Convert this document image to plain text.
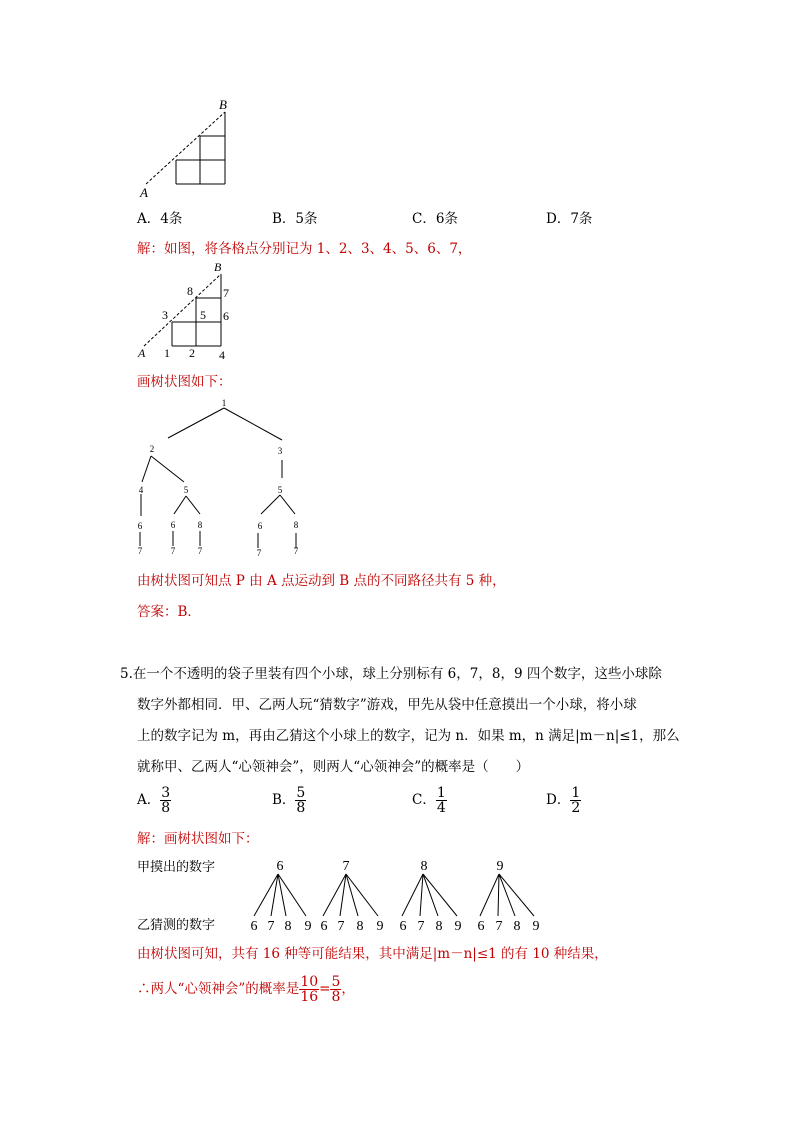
A
B
A．4条	B．5条	C．6条	D．7条
解：如图，将各格点分别记为 1、2、3、4、5、6、7，
A
B
1 2
3
4
5 6
7
8
画树状图如下：
1
2	3
4	5	5
6	6	8	6	8
7	7	7	7	7
由树状图可知点 P 由 A 点运动到 B 点的不同路径共有 5 种，
答案：B．
5.在一个不透明的袋子里装有四个小球，球上分别标有 6，7，8，9 四个数字，这些小球除
数字外都相同．甲、乙两人玩“猜数字”游戏，甲先从袋中任意摸出一个小球，将小球
上的数字记为 m，再由乙猜这个小球上的数字，记为 n．如果 m，n 满足|m－n|≤1，那么
就称甲、乙两人“心领神会”，则两人“心领神会”的概率是（　　）
A． $\frac{3}{8}$	B． $\frac{5}{8}$	C． $\frac{1}{4}$	D． $\frac{1}{2}$
解：画树状图如下：
甲摸出的数字
乙猜测的数字
6	7	8	9
6 7 8 9 6 7 8 9 6 7 8 9 6 7 8 9
由树状图可知，共有 16 种等可能结果，其中满足|m－n|≤1 的有 10 种结果，
∴两人“心领神会”的概率是 $\frac{10}{16} = \frac{5}{8}$ ，
